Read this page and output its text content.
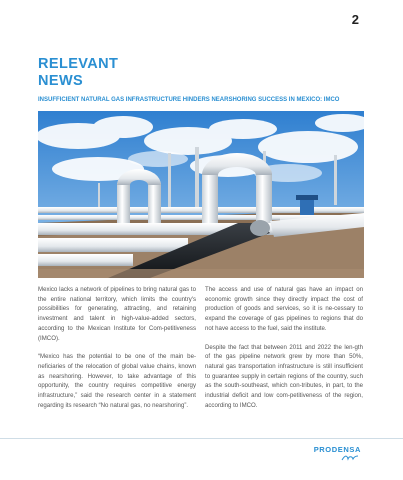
2
RELEVANT
NEWS
INSUFFICIENT NATURAL GAS INFRASTRUCTURE HINDERS NEARSHORING SUCCESS IN MEXICO: IMCO

Mexico lacks a network of pipelines to bring natural gas to the entire national territory, which limits the country's possibilities for generating, attracting, and retaining investment and talent in high-value-added sectors, according to the Mexican Institute for Com-petitiveness (IMCO).

“Mexico has the potential to be one of the main be-neficiaries of the relocation of global value chains, known as nearshoring. However, to take advantage of this opportunity, the country requires competitive energy infrastructure,” said the research center in a statement regarding its research “No natural gas, no nearshoring”.

The access and use of natural gas have an impact on economic growth since they directly impact the cost of production of goods and services, so it is ne-cessary to expand the coverage of gas pipelines to regions that do not have access to the fuel, said the institute.

Despite the fact that between 2011 and 2022 the len-gth of the gas pipeline network grew by more than 50%, natural gas transportation infrastructure is still insufficient to guarantee supply in certain regions of the country, such as the south-southeast, which con-tributes, in part, to the industrial deficit and low com-petitiveness of the region, according to IMCO.

PRODENSA
